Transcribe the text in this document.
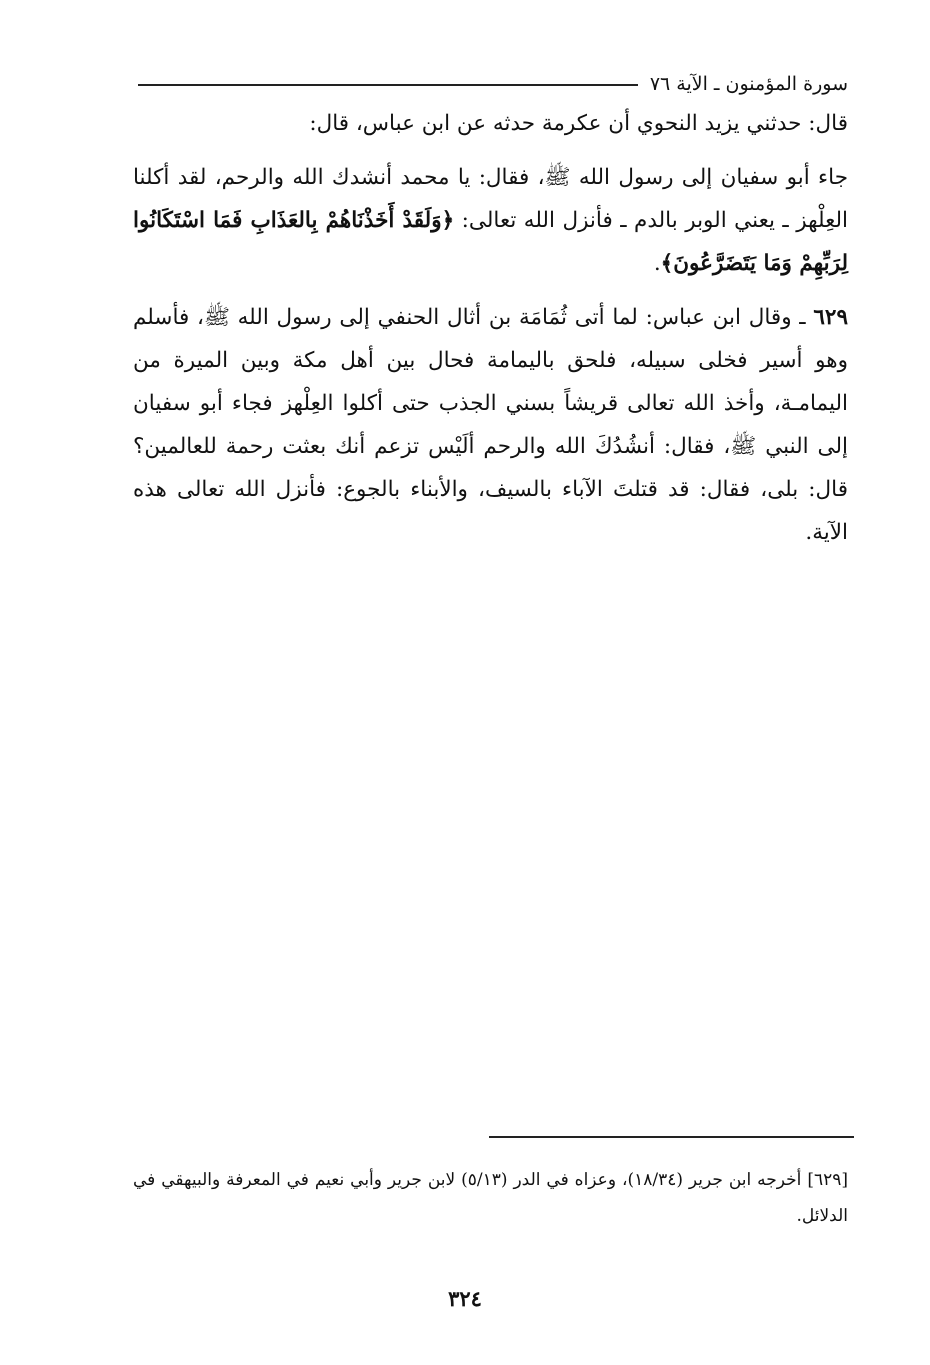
سورة المؤمنون ـ الآية ٧٦

قال: حدثني يزيد النحوي أن عكرمة حدثه عن ابن عباس، قال:

جاء أبو سفيان إلى رسول الله ﷺ، فقال: يا محمد أنشدك الله والرحم، لقد أكلنا العِلْهز ـ يعني الوبر بالدم ـ فأنزل الله تعالى: ﴿وَلَقَدْ أَخَذْنَاهُمْ بِالعَذَابِ فَمَا اسْتَكَانُوا لِرَبِّهِمْ وَمَا يَتَضَرَّعُونَ﴾.

٦٢٩ ـ وقال ابن عباس: لما أتى ثُمَامَة بن أثال الحنفي إلى رسول الله ﷺ، فأسلم وهو أسير فخلى سبيله، فلحق باليمامة فحال بين أهل مكة وبين الميرة من اليمامـة، وأخذ الله تعالى قريشاً بسني الجذب حتى أكلوا العِلْهز فجاء أبو سفيان إلى النبي ﷺ، فقال: أنشُدُكَ الله والرحم ألَيْس تزعم أنك بعثت رحمة للعالمين؟ قال: بلى، فقال: قد قتلتَ الآباء بالسيف، والأبناء بالجوع: فأنزل الله تعالى هذه الآية.

[٦٢٩] أخرجه ابن جرير (١٨/٣٤)، وعزاه في الدر (٥/١٣) لابن جرير وأبي نعيم في المعرفة والبيهقي في الدلائل.

٣٢٤
